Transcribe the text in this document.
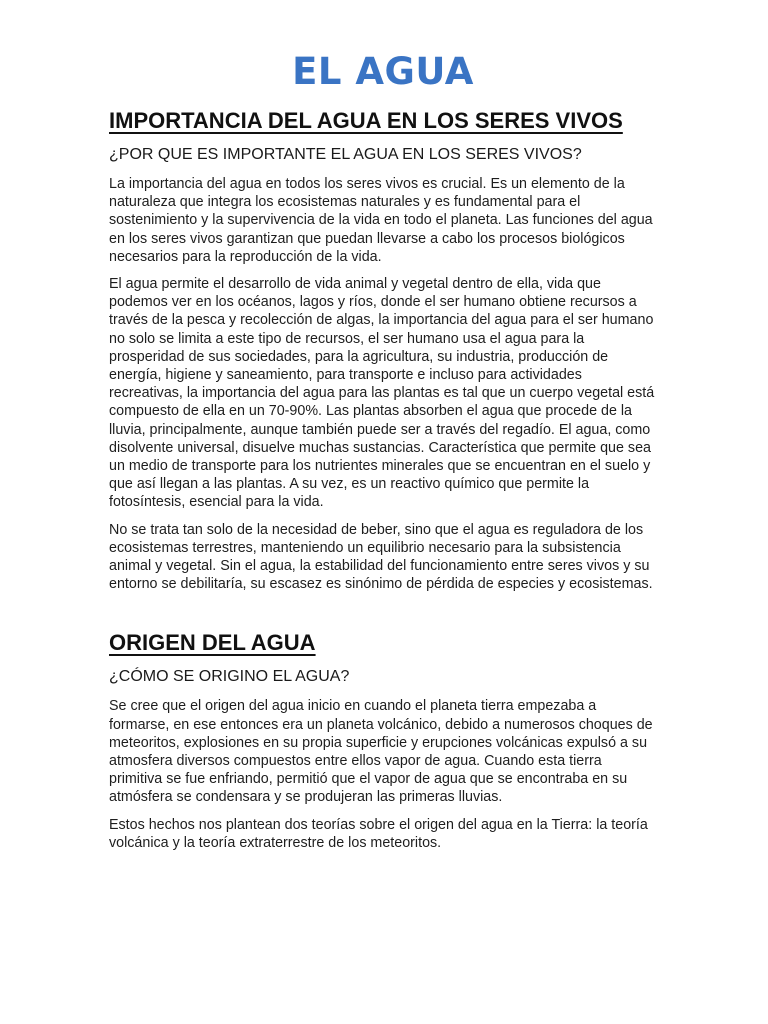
EL AGUA
IMPORTANCIA DEL AGUA EN LOS SERES VIVOS

¿POR QUE ES IMPORTANTE EL AGUA EN LOS SERES VIVOS?

La importancia del agua en todos los seres vivos es crucial. Es un elemento de la naturaleza que integra los ecosistemas naturales y es fundamental para el sostenimiento y la supervivencia de la vida en todo el planeta. Las funciones del agua en los seres vivos garantizan que puedan llevarse a cabo los procesos biológicos necesarios para la reproducción de la vida.

El agua permite el desarrollo de vida animal y vegetal dentro de ella, vida que podemos ver en los océanos, lagos y ríos, donde el ser humano obtiene recursos a través de la pesca y recolección de algas, la importancia del agua para el ser humano no solo se limita a este tipo de recursos, el ser humano usa el agua para la prosperidad de sus sociedades, para la agricultura, su industria, producción de energía, higiene y saneamiento, para transporte e incluso para actividades recreativas, la importancia del agua para las plantas es tal que un cuerpo vegetal está compuesto de ella en un 70-90%. Las plantas absorben el agua que procede de la lluvia, principalmente, aunque también puede ser a través del regadío. El agua, como disolvente universal, disuelve muchas sustancias. Característica que permite que sea un medio de transporte para los nutrientes minerales que se encuentran en el suelo y que así llegan a las plantas. A su vez, es un reactivo químico que permite la fotosíntesis, esencial para la vida.

No se trata tan solo de la necesidad de beber, sino que el agua es reguladora de los ecosistemas terrestres, manteniendo un equilibrio necesario para la subsistencia animal y vegetal. Sin el agua, la estabilidad del funcionamiento entre seres vivos y su entorno se debilitaría, su escasez es sinónimo de pérdida de especies y ecosistemas.

ORIGEN DEL AGUA

¿CÓMO SE ORIGINO EL AGUA?

Se cree que el origen del agua inicio en cuando el planeta tierra empezaba a formarse, en ese entonces era un planeta volcánico, debido a numerosos choques de meteoritos, explosiones en su propia superficie y erupciones volcánicas expulsó a su atmosfera diversos compuestos entre ellos vapor de agua. Cuando esta tierra primitiva se fue enfriando, permitió que el vapor de agua que se encontraba en su atmósfera se condensara y se produjeran las primeras lluvias.

Estos hechos nos plantean dos teorías sobre el origen del agua en la Tierra: la teoría volcánica y la teoría extraterrestre de los meteoritos.
